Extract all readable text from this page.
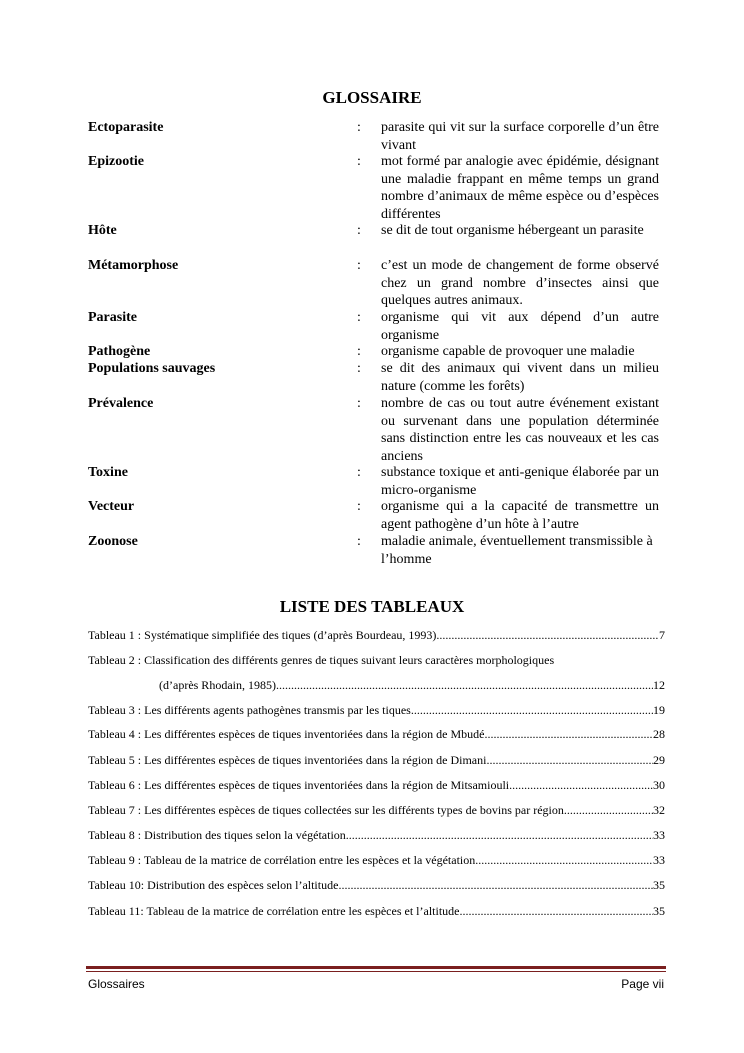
GLOSSAIRE
Ectoparasite	: parasite qui vit sur la surface corporelle d’un être vivant
Epizootie	: mot formé par analogie avec épidémie, désignant une maladie frappant en même temps un grand nombre d’animaux de même espèce ou d’espèces différentes
Hôte	: se dit de tout organisme hébergeant un parasite
Métamorphose	: c’est un mode de changement de forme observé chez un grand nombre d’insectes ainsi que quelques autres animaux.
Parasite	: organisme qui vit aux dépend d’un autre organisme
Pathogène	: organisme capable de provoquer une maladie
Populations sauvages	: se dit des animaux qui vivent dans un milieu nature (comme les forêts)
Prévalence	: nombre de cas ou tout autre événement existant ou survenant dans une population déterminée sans distinction entre les cas nouveaux et les cas anciens
Toxine	: substance toxique et anti-genique élaborée par un micro-organisme
Vecteur	: organisme qui a la capacité de transmettre un agent pathogène d’un hôte à l’autre
Zoonose	: maladie animale, éventuellement transmissible à l’homme
LISTE DES TABLEAUX
Tableau 1 : Systématique simplifiée des tiques (d’après Bourdeau, 1993) .....	7
Tableau 2 : Classification des différents genres de tiques suivant leurs caractères morphologiques
(d’après Rhodain, 1985) .....	12
Tableau 3 : Les différents agents pathogènes transmis par les tiques .....	19
Tableau 4 : Les différentes espèces de tiques inventoriées dans la région de Mbudé .....	28
Tableau 5 : Les différentes espèces de tiques inventoriées dans la région de Dimani .....	29
Tableau 6 : Les différentes espèces de tiques inventoriées dans la région de Mitsamiouli .....	30
Tableau 7 : Les différentes espèces de tiques collectées sur les différents types de bovins par région .....	32
Tableau 8 : Distribution des tiques selon la végétation .....	33
Tableau 9 : Tableau de la matrice de corrélation entre les espèces et la végétation .....	33
Tableau 10: Distribution des espèces selon l’altitude .....	35
Tableau 11: Tableau de la matrice de corrélation entre les espèces et l’altitude .....	35
Glossaires	Page vii
